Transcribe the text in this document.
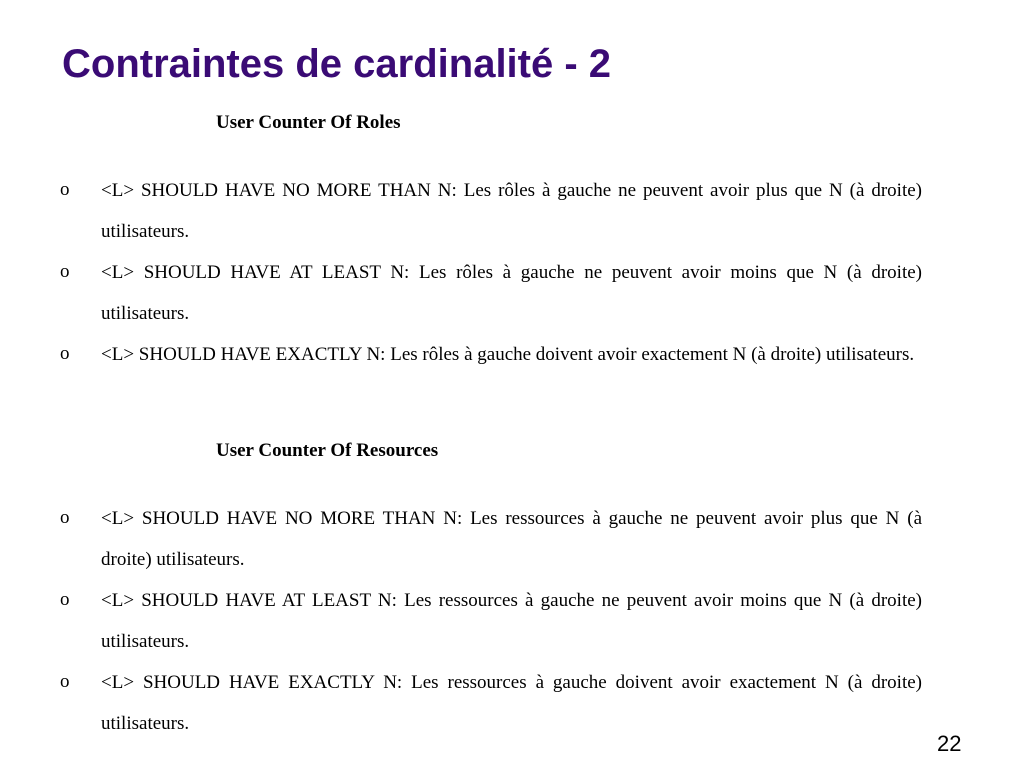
Contraintes de cardinalité - 2
User Counter Of Roles
o	<L> SHOULD HAVE NO MORE THAN N: Les rôles à gauche ne peuvent avoir plus que N (à droite) utilisateurs.
o	<L> SHOULD HAVE AT LEAST N: Les rôles à gauche ne peuvent avoir moins que N (à droite) utilisateurs.
o	<L> SHOULD HAVE EXACTLY N: Les rôles à gauche doivent avoir exactement N (à droite) utilisateurs.
User Counter Of Resources
o	<L> SHOULD HAVE NO MORE THAN N: Les ressources à gauche ne peuvent avoir plus que N (à droite) utilisateurs.
o	<L> SHOULD HAVE AT LEAST N: Les ressources à gauche ne peuvent avoir moins que N (à droite) utilisateurs.
o	<L> SHOULD HAVE EXACTLY N: Les ressources à gauche doivent avoir exactement N (à droite) utilisateurs.

22
